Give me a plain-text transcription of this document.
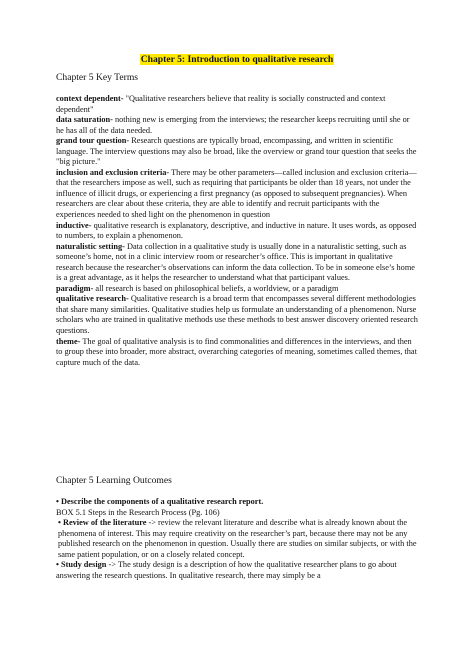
Chapter 5: Introduction to qualitative research
Chapter 5 Key Terms

context dependent- "Qualitative researchers believe that reality is socially constructed and context dependent"

data saturation- nothing new is emerging from the interviews; the researcher keeps recruiting until she or he has all of the data needed.

grand tour question- Research questions are typically broad, encompassing, and written in scientific language. The interview questions may also be broad, like the overview or grand tour question that seeks the "big picture."

inclusion and exclusion criteria- There may be other parameters—called inclusion and exclusion criteria—that the researchers impose as well, such as requiring that participants be older than 18 years, not under the influence of illicit drugs, or experiencing a first pregnancy (as opposed to subsequent pregnancies). When researchers are clear about these criteria, they are able to identify and recruit participants with the experiences needed to shed light on the phenomenon in question

inductive- qualitative research is explanatory, descriptive, and inductive in nature. It uses words, as opposed to numbers, to explain a phenomenon.

naturalistic setting- Data collection in a qualitative study is usually done in a naturalistic setting, such as someone’s home, not in a clinic interview room or researcher’s office. This is important in qualitative research because the researcher’s observations can inform the data collection. To be in someone else’s home is a great advantage, as it helps the researcher to understand what that participant values.

paradigm- all research is based on philosophical beliefs, a worldview, or a paradigm

qualitative research- Qualitative research is a broad term that encompasses several different methodologies that share many similarities. Qualitative studies help us formulate an understanding of a phenomenon. Nurse scholars who are trained in qualitative methods use these methods to best answer discovery oriented research questions.

theme- The goal of qualitative analysis is to find commonalities and differences in the interviews, and then to group these into broader, more abstract, overarching categories of meaning, sometimes called themes, that capture much of the data.

Chapter 5 Learning Outcomes

• Describe the components of a qualitative research report.

BOX 5.1 Steps in the Research Process (Pg. 106)

• Review of the literature -> review the relevant literature and describe what is already known about the phenomena of interest. This may require creativity on the researcher’s part, because there may not be any published research on the phenomenon in question. Usually there are studies on similar subjects, or with the same patient population, or on a closely related concept.

• Study design -> The study design is a description of how the qualitative researcher plans to go about answering the research questions. In qualitative research, there may simply be a
